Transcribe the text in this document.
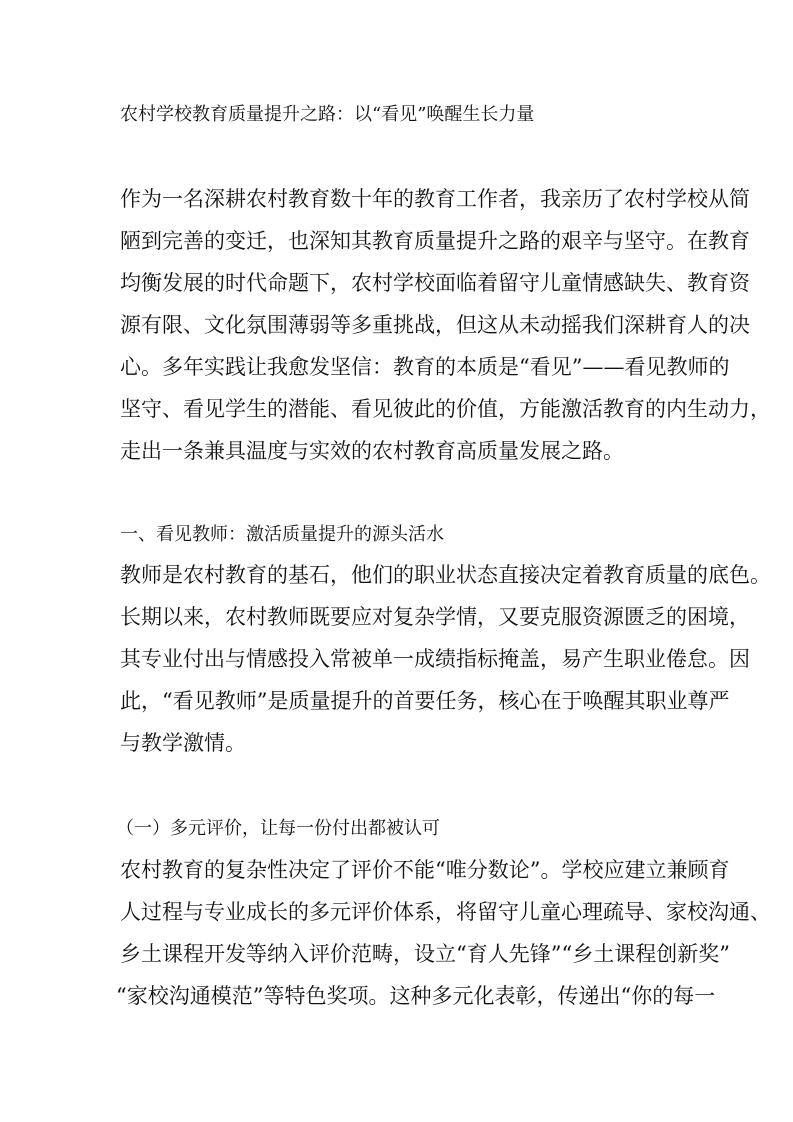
农村学校教育质量提升之路：以“看见”唤醒生长力量
作为一名深耕农村教育数十年的教育工作者，我亲历了农村学校从简
陋到完善的变迁，也深知其教育质量提升之路的艰辛与坚守。在教育
均衡发展的时代命题下，农村学校面临着留守儿童情感缺失、教育资
源有限、文化氛围薄弱等多重挑战，但这从未动摇我们深耕育人的决
心。多年实践让我愈发坚信：教育的本质是“看见”——看见教师的
坚守、看见学生的潜能、看见彼此的价值，方能激活教育的内生动力，
走出一条兼具温度与实效的农村教育高质量发展之路。
一、看见教师：激活质量提升的源头活水
教师是农村教育的基石，他们的职业状态直接决定着教育质量的底色。
长期以来，农村教师既要应对复杂学情，又要克服资源匮乏的困境，
其专业付出与情感投入常被单一成绩指标掩盖，易产生职业倦怠。因
此，“看见教师”是质量提升的首要任务，核心在于唤醒其职业尊严
与教学激情。
（一）多元评价，让每一份付出都被认可
农村教育的复杂性决定了评价不能“唯分数论”。学校应建立兼顾育
人过程与专业成长的多元评价体系，将留守儿童心理疏导、家校沟通、
乡土课程开发等纳入评价范畴，设立“育人先锋”“乡土课程创新奖”
“家校沟通模范”等特色奖项。这种多元化表彰，传递出“你的每一
